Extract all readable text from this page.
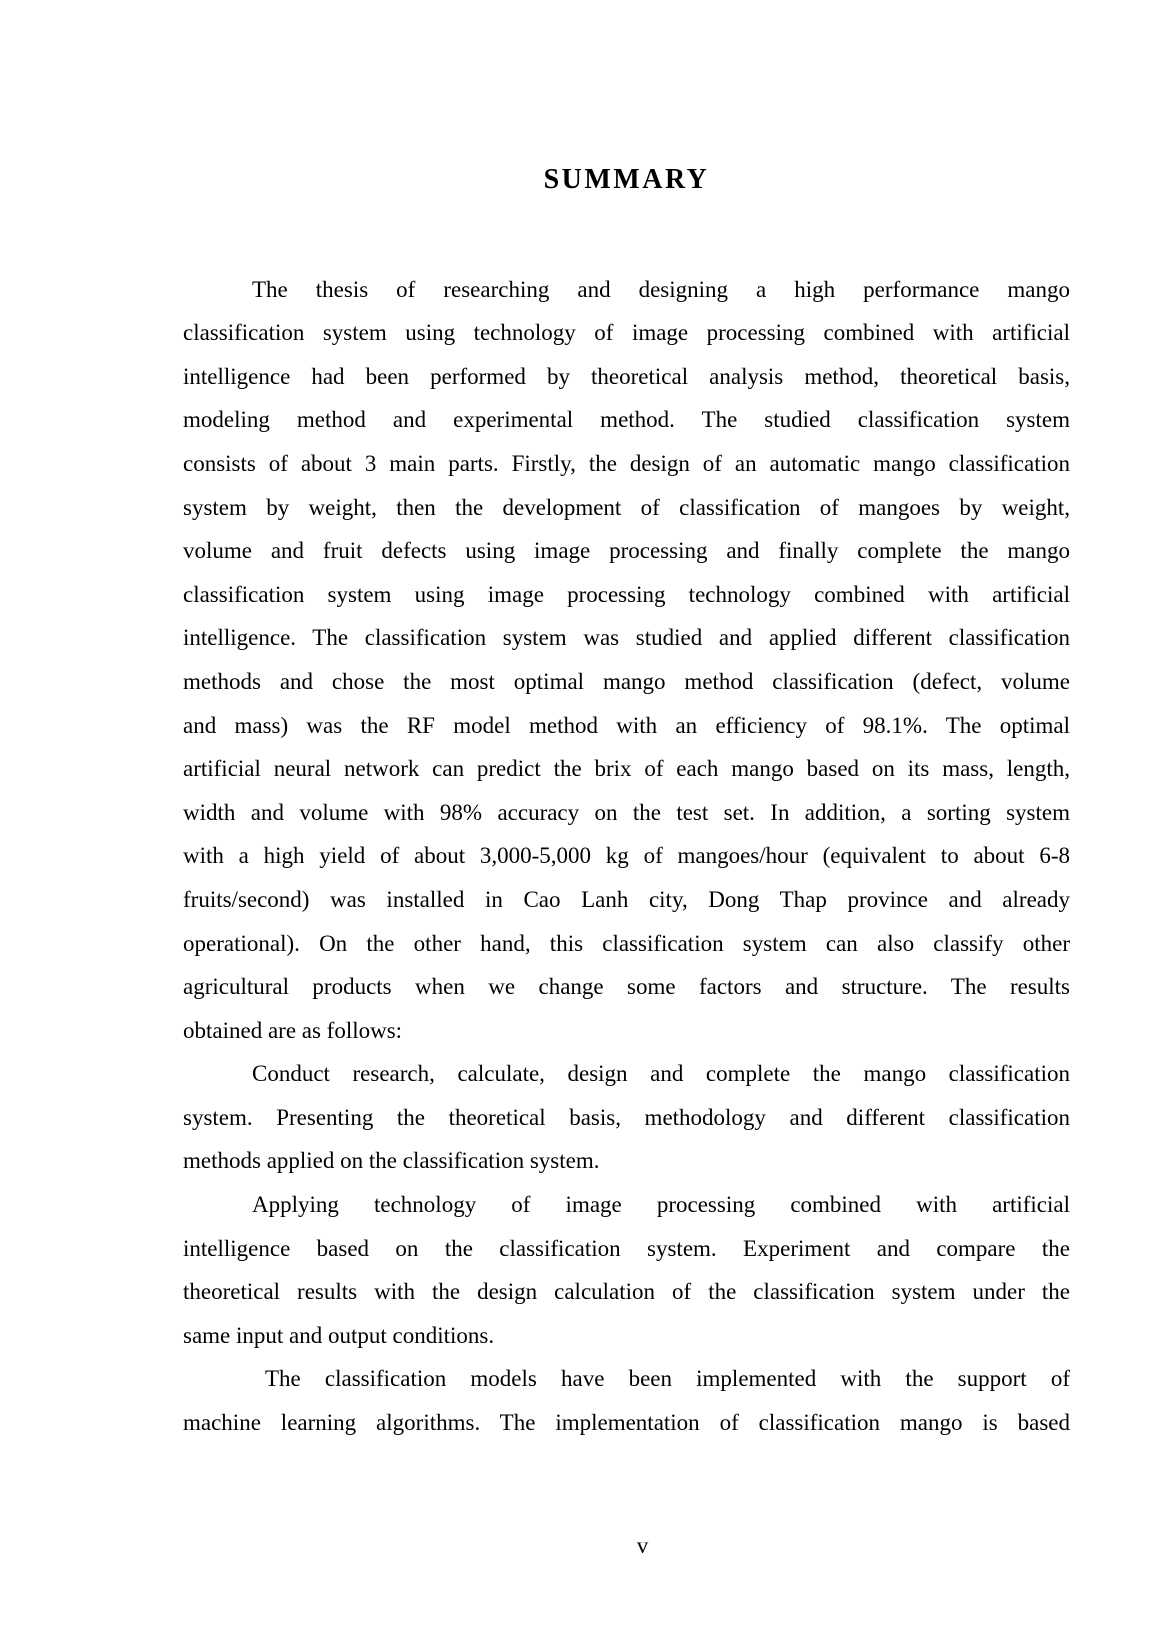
SUMMARY
The thesis of researching and designing a high performance mango
classification system using technology of image processing combined with artificial
intelligence had been performed by theoretical analysis method, theoretical basis,
modeling method and experimental method. The studied classification system
consists of about 3 main parts. Firstly, the design of an automatic mango classification
system by weight, then the development of classification of mangoes by weight,
volume and fruit defects using image processing and finally complete the mango
classification system using image processing technology combined with artificial
intelligence. The classification system was studied and applied different classification
methods and chose the most optimal mango method classification (defect, volume
and mass) was the RF model method with an efficiency of 98.1%. The optimal
artificial neural network can predict the brix of each mango based on its mass, length,
width and volume with 98% accuracy on the test set. In addition, a sorting system
with a high yield of about 3,000-5,000 kg of mangoes/hour (equivalent to about 6-8
fruits/second) was installed in Cao Lanh city, Dong Thap province and already
operational). On the other hand, this classification system can also classify other
agricultural products when we change some factors and structure. The results
obtained are as follows:
Conduct research, calculate, design and complete the mango classification
system. Presenting the theoretical basis, methodology and different classification
methods applied on the classification system.
Applying technology of image processing combined with artificial
intelligence based on the classification system. Experiment and compare the
theoretical results with the design calculation of the classification system under the
same input and output conditions.
The classification models have been implemented with the support of
machine learning algorithms. The implementation of classification mango is based
v
